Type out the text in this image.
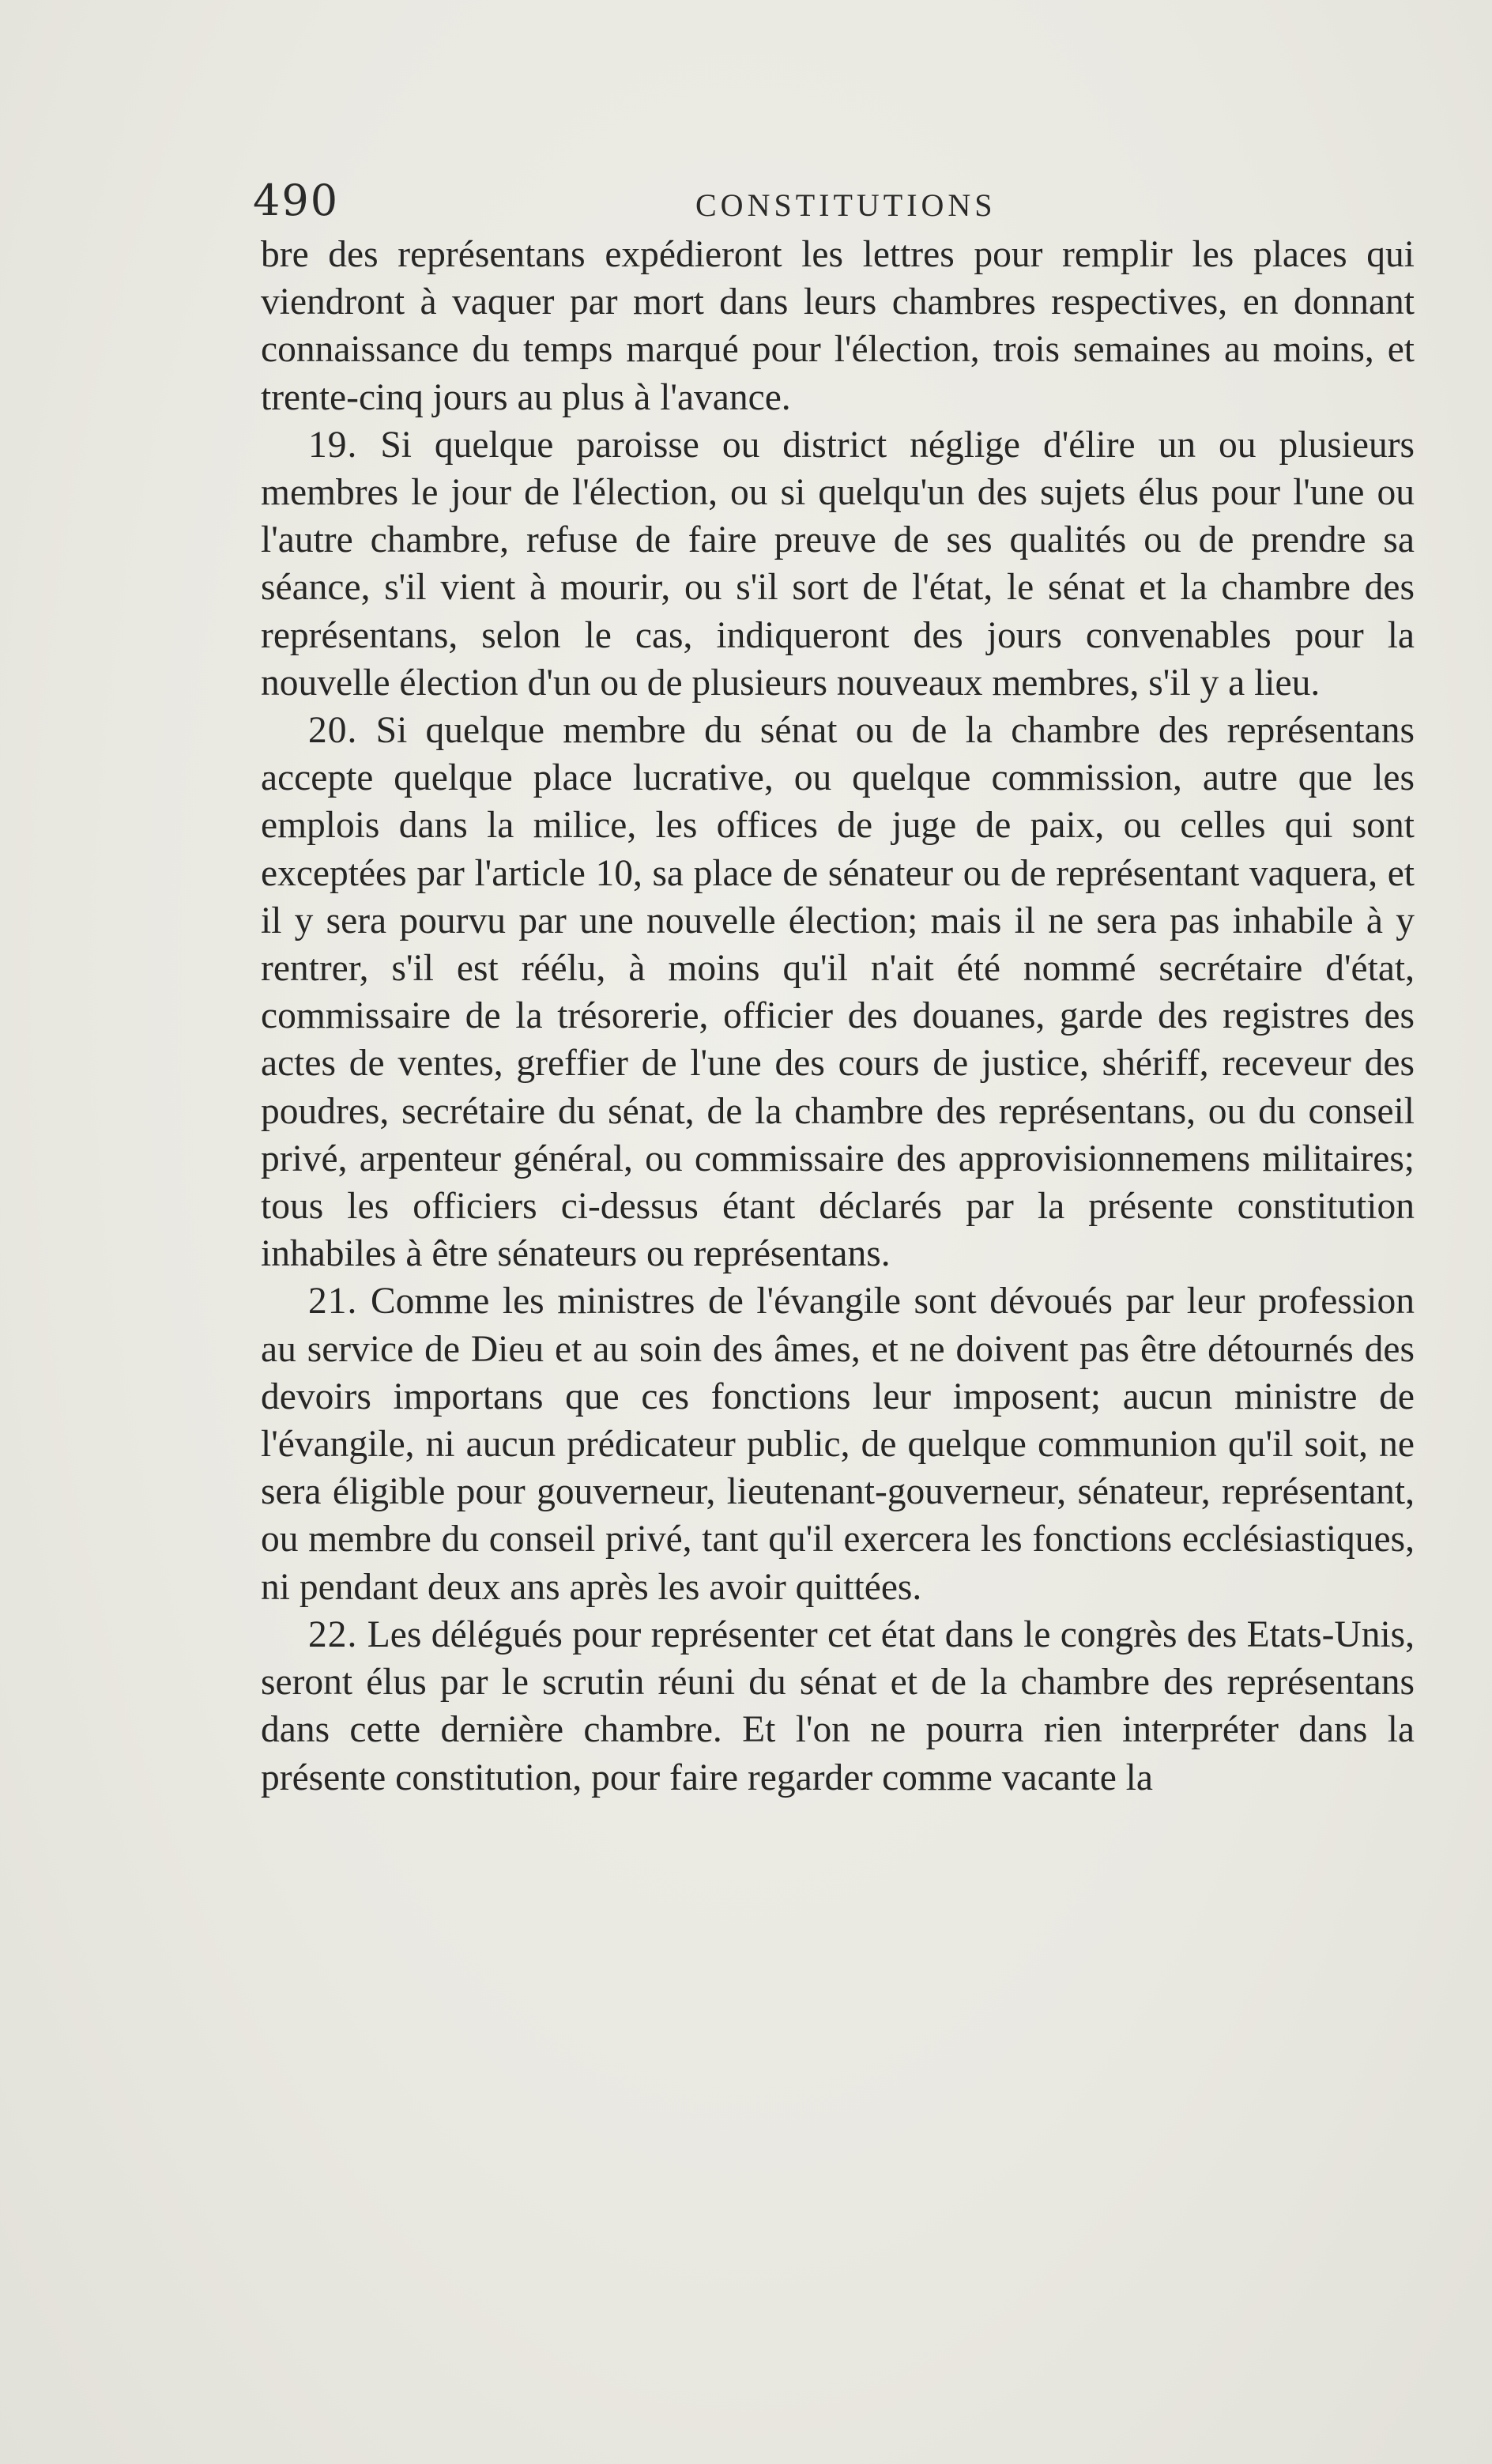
490	CONSTITUTIONS

bre des représentans expédieront les lettres pour remplir les places qui viendront à vaquer par mort dans leurs chambres respectives, en donnant connaissance du temps marqué pour l'élection, trois semaines au moins, et trente-cinq jours au plus à l'avance.

19. Si quelque paroisse ou district néglige d'élire un ou plusieurs membres le jour de l'élection, ou si quelqu'un des sujets élus pour l'une ou l'autre chambre, refuse de faire preuve de ses qualités ou de prendre sa séance, s'il vient à mourir, ou s'il sort de l'état, le sénat et la chambre des représentans, selon le cas, indiqueront des jours convenables pour la nouvelle élection d'un ou de plusieurs nouveaux membres, s'il y a lieu.

20. Si quelque membre du sénat ou de la chambre des représentans accepte quelque place lucrative, ou quelque commission, autre que les emplois dans la milice, les offices de juge de paix, ou celles qui sont exceptées par l'article 10, sa place de sénateur ou de représentant vaquera, et il y sera pourvu par une nouvelle élection; mais il ne sera pas inhabile à y rentrer, s'il est réélu, à moins qu'il n'ait été nommé secrétaire d'état, commissaire de la trésorerie, officier des douanes, garde des registres des actes de ventes, greffier de l'une des cours de justice, shériff, receveur des poudres, secrétaire du sénat, de la chambre des représentans, ou du conseil privé, arpenteur général, ou commissaire des approvisionnemens militaires; tous les officiers ci-dessus étant déclarés par la présente constitution inhabiles à être sénateurs ou représentans.

21. Comme les ministres de l'évangile sont dévoués par leur profession au service de Dieu et au soin des âmes, et ne doivent pas être détournés des devoirs importans que ces fonctions leur imposent; aucun ministre de l'évangile, ni aucun prédicateur public, de quelque communion qu'il soit, ne sera éligible pour gouverneur, lieutenant-gouverneur, sénateur, représentant, ou membre du conseil privé, tant qu'il exercera les fonctions ecclésiastiques, ni pendant deux ans après les avoir quittées.

22. Les délégués pour représenter cet état dans le congrès des Etats-Unis, seront élus par le scrutin réuni du sénat et de la chambre des représentans dans cette dernière chambre. Et l'on ne pourra rien interpréter dans la présente constitution, pour faire regarder comme vacante la
